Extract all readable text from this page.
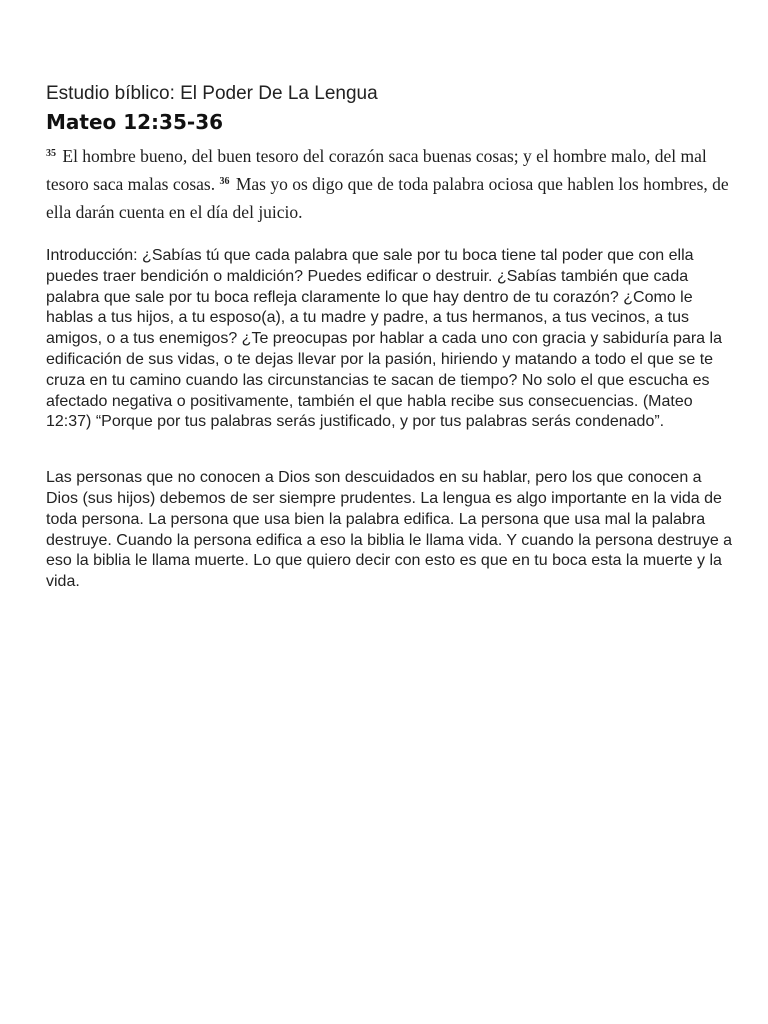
Estudio bíblico: El Poder De La Lengua
Mateo 12:35-36

$^{35}$ El hombre bueno, del buen tesoro del corazón saca buenas cosas; y el hombre malo, del mal tesoro saca malas cosas. $^{36}$ Mas yo os digo que de toda palabra ociosa que hablen los hombres, de ella darán cuenta en el día del juicio.

Introducción: ¿Sabías tú que cada palabra que sale por tu boca tiene tal poder que con ella puedes traer bendición o maldición? Puedes edificar o destruir. ¿Sabías también que cada palabra que sale por tu boca refleja claramente lo que hay dentro de tu corazón? ¿Como le hablas a tus hijos, a tu esposo(a), a tu madre y padre, a tus hermanos, a tus vecinos, a tus amigos, o a tus enemigos? ¿Te preocupas por hablar a cada uno con gracia y sabiduría para la edificación de sus vidas, o te dejas llevar por la pasión, hiriendo y matando a todo el que se te cruza en tu camino cuando las circunstancias te sacan de tiempo? No solo el que escucha es afectado negativa o positivamente, también el que habla recibe sus consecuencias. (Mateo 12:37) “Porque por tus palabras serás justificado, y por tus palabras serás condenado”.

Las personas que no conocen a Dios son descuidados en su hablar, pero los que conocen a Dios (sus hijos) debemos de ser siempre prudentes. La lengua es algo importante en la vida de toda persona. La persona que usa bien la palabra edifica. La persona que usa mal la palabra destruye. Cuando la persona edifica a eso la biblia le llama vida. Y cuando la persona destruye a eso la biblia le llama muerte. Lo que quiero decir con esto es que en tu boca esta la muerte y la vida.
